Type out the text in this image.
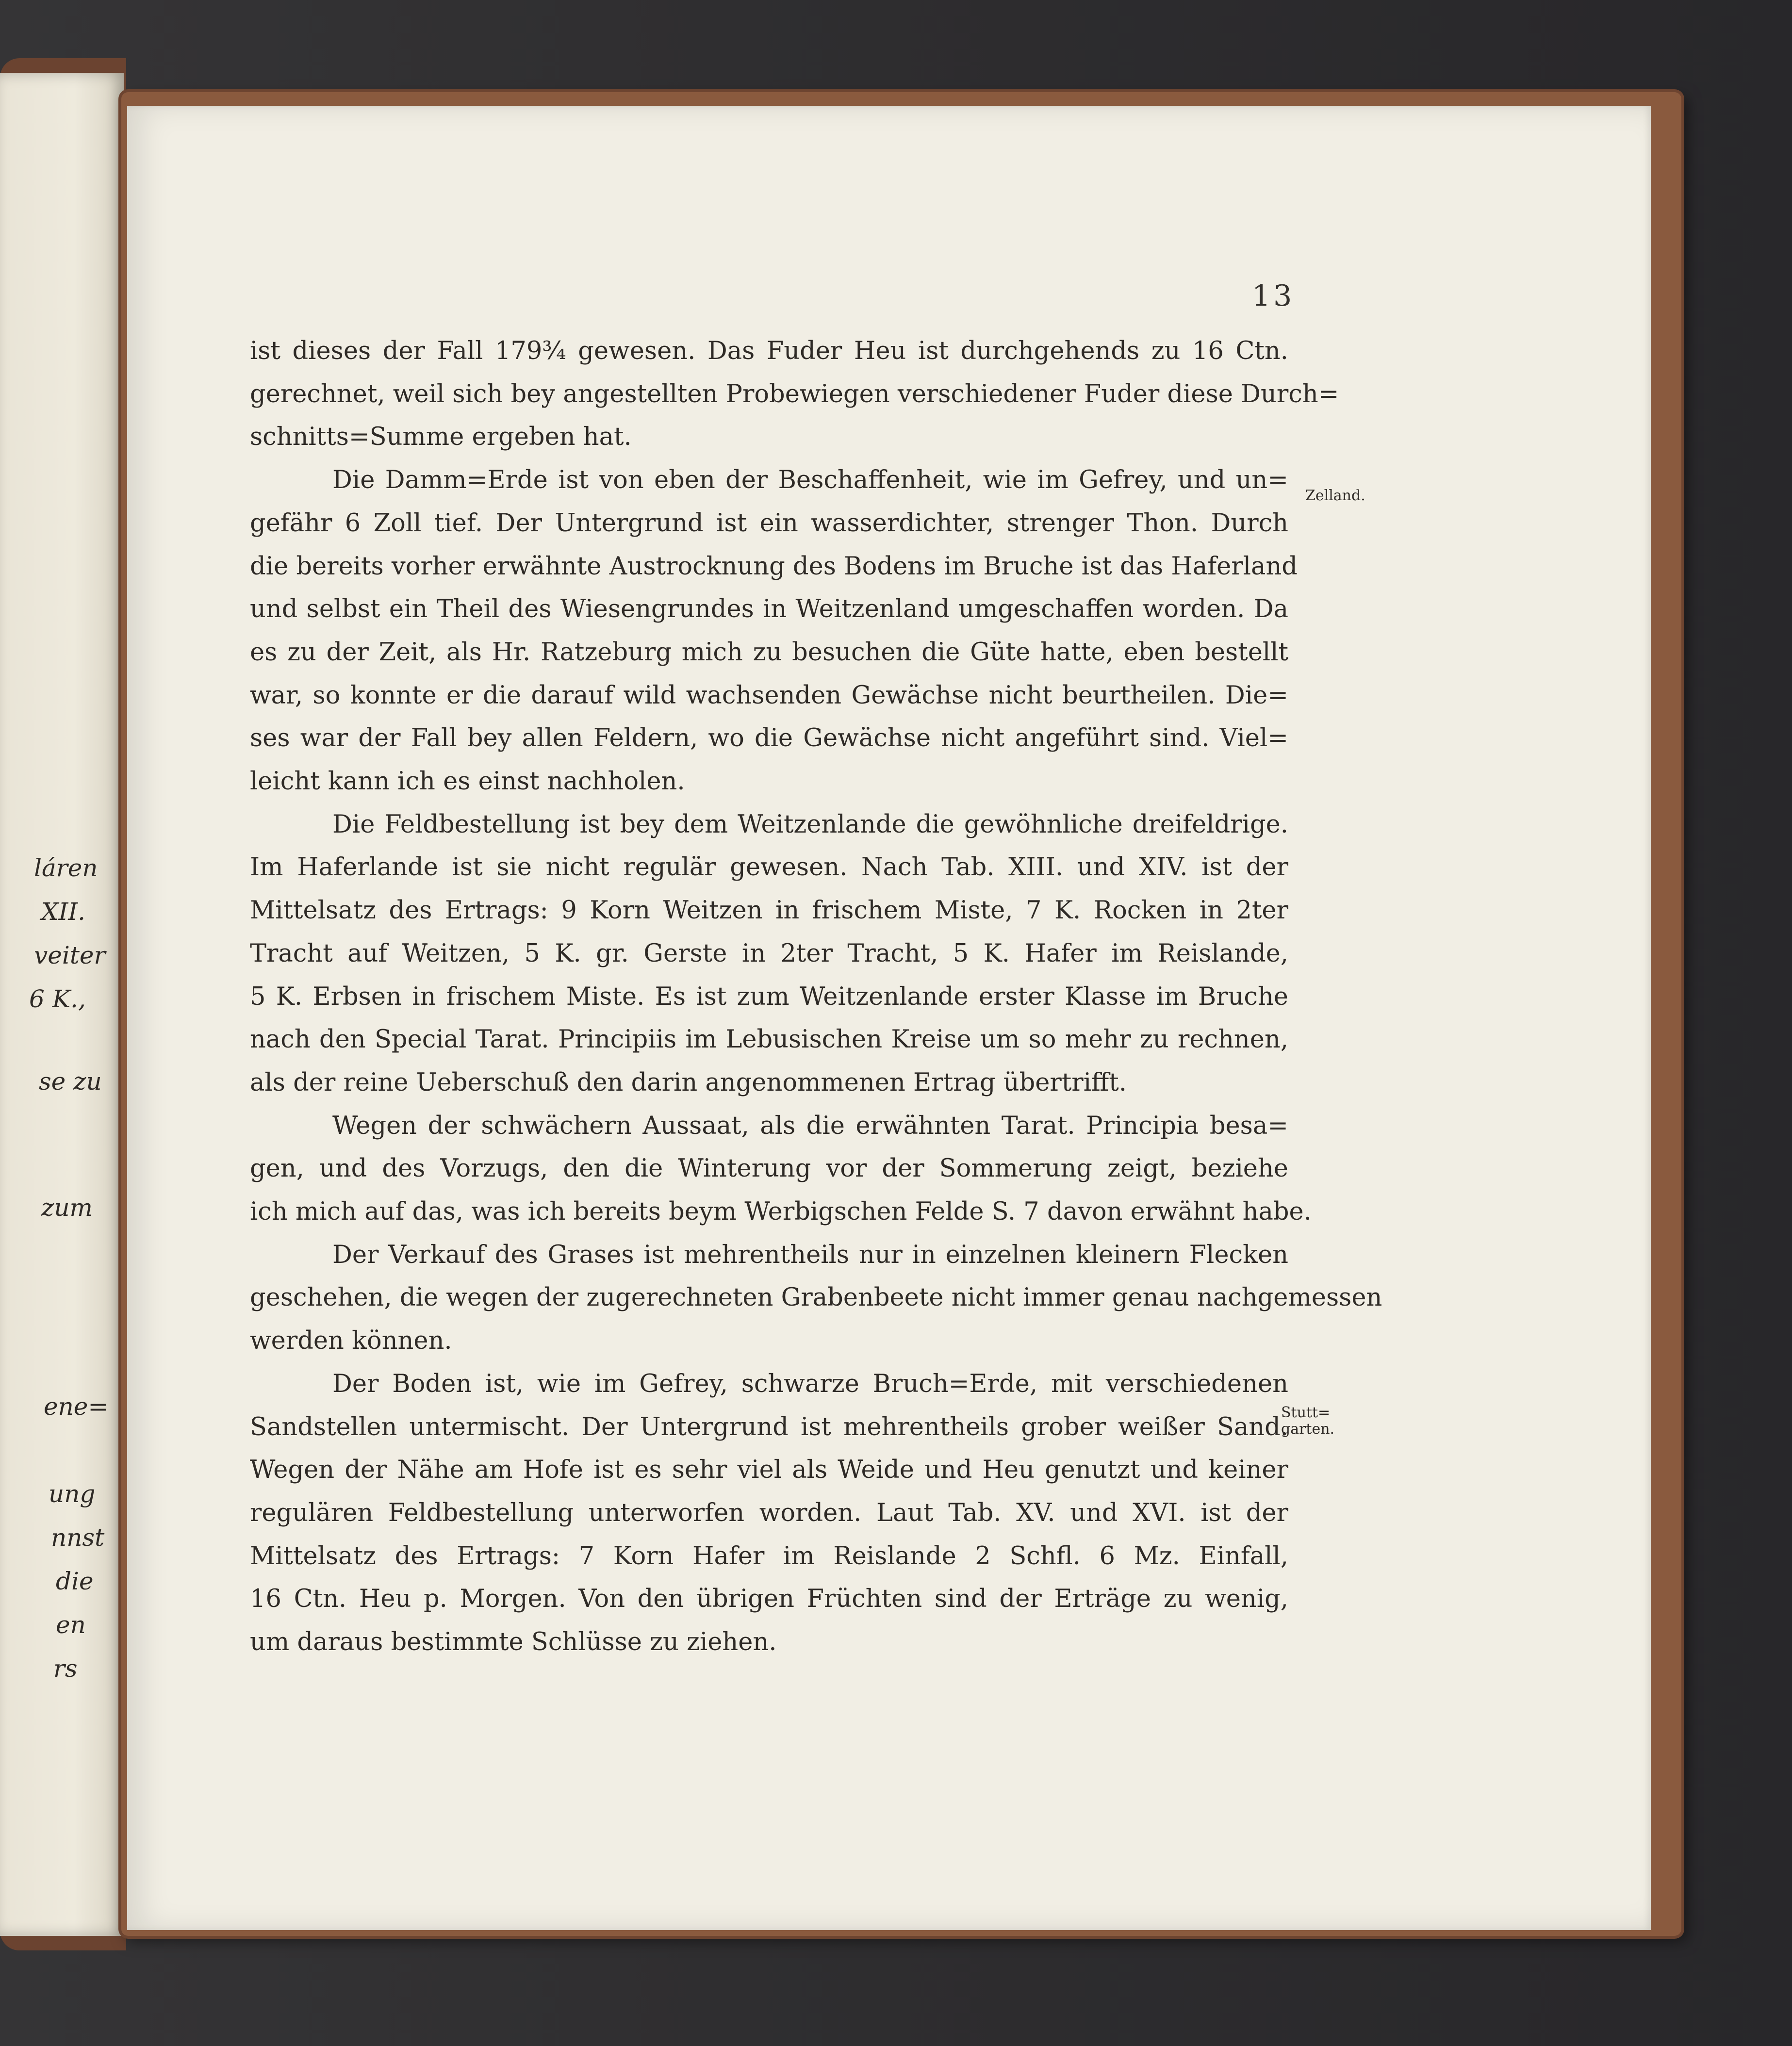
láren
XII.
veiter
6 K.,
se zu
zum
ene=
ung
nnst
die
en
rs
13
Zelland.
Stutt=
garten.
ist dieses der Fall 179¾ gewesen. Das Fuder Heu ist durchgehends zu 16 Ctn.
gerechnet, weil sich bey angestellten Probewiegen verschiedener Fuder diese Durch=
schnitts=Summe ergeben hat.
Die Damm=Erde ist von eben der Beschaffenheit, wie im Gefrey, und un=
gefähr 6 Zoll tief. Der Untergrund ist ein wasserdichter, strenger Thon. Durch
die bereits vorher erwähnte Austrocknung des Bodens im Bruche ist das Haferland
und selbst ein Theil des Wiesengrundes in Weitzenland umgeschaffen worden. Da
es zu der Zeit, als Hr. Ratzeburg mich zu besuchen die Güte hatte, eben bestellt
war, so konnte er die darauf wild wachsenden Gewächse nicht beurtheilen. Die=
ses war der Fall bey allen Feldern, wo die Gewächse nicht angeführt sind. Viel=
leicht kann ich es einst nachholen.
Die Feldbestellung ist bey dem Weitzenlande die gewöhnliche dreifeldrige.
Im Haferlande ist sie nicht regulär gewesen. Nach Tab. XIII. und XIV. ist der
Mittelsatz des Ertrags: 9 Korn Weitzen in frischem Miste, 7 K. Rocken in 2ter
Tracht auf Weitzen, 5 K. gr. Gerste in 2ter Tracht, 5 K. Hafer im Reislande,
5 K. Erbsen in frischem Miste. Es ist zum Weitzenlande erster Klasse im Bruche
nach den Special Tarat. Principiis im Lebusischen Kreise um so mehr zu rechnen,
als der reine Ueberschuß den darin angenommenen Ertrag übertrifft.
Wegen der schwächern Aussaat, als die erwähnten Tarat. Principia besa=
gen, und des Vorzugs, den die Winterung vor der Sommerung zeigt, beziehe
ich mich auf das, was ich bereits beym Werbigschen Felde S. 7 davon erwähnt habe.
Der Verkauf des Grases ist mehrentheils nur in einzelnen kleinern Flecken
geschehen, die wegen der zugerechneten Grabenbeete nicht immer genau nachgemessen
werden können.
Der Boden ist, wie im Gefrey, schwarze Bruch=Erde, mit verschiedenen
Sandstellen untermischt. Der Untergrund ist mehrentheils grober weißer Sand.
Wegen der Nähe am Hofe ist es sehr viel als Weide und Heu genutzt und keiner
regulären Feldbestellung unterworfen worden. Laut Tab. XV. und XVI. ist der
Mittelsatz des Ertrags: 7 Korn Hafer im Reislande 2 Schfl. 6 Mz. Einfall,
16 Ctn. Heu p. Morgen. Von den übrigen Früchten sind der Erträge zu wenig,
um daraus bestimmte Schlüsse zu ziehen.
